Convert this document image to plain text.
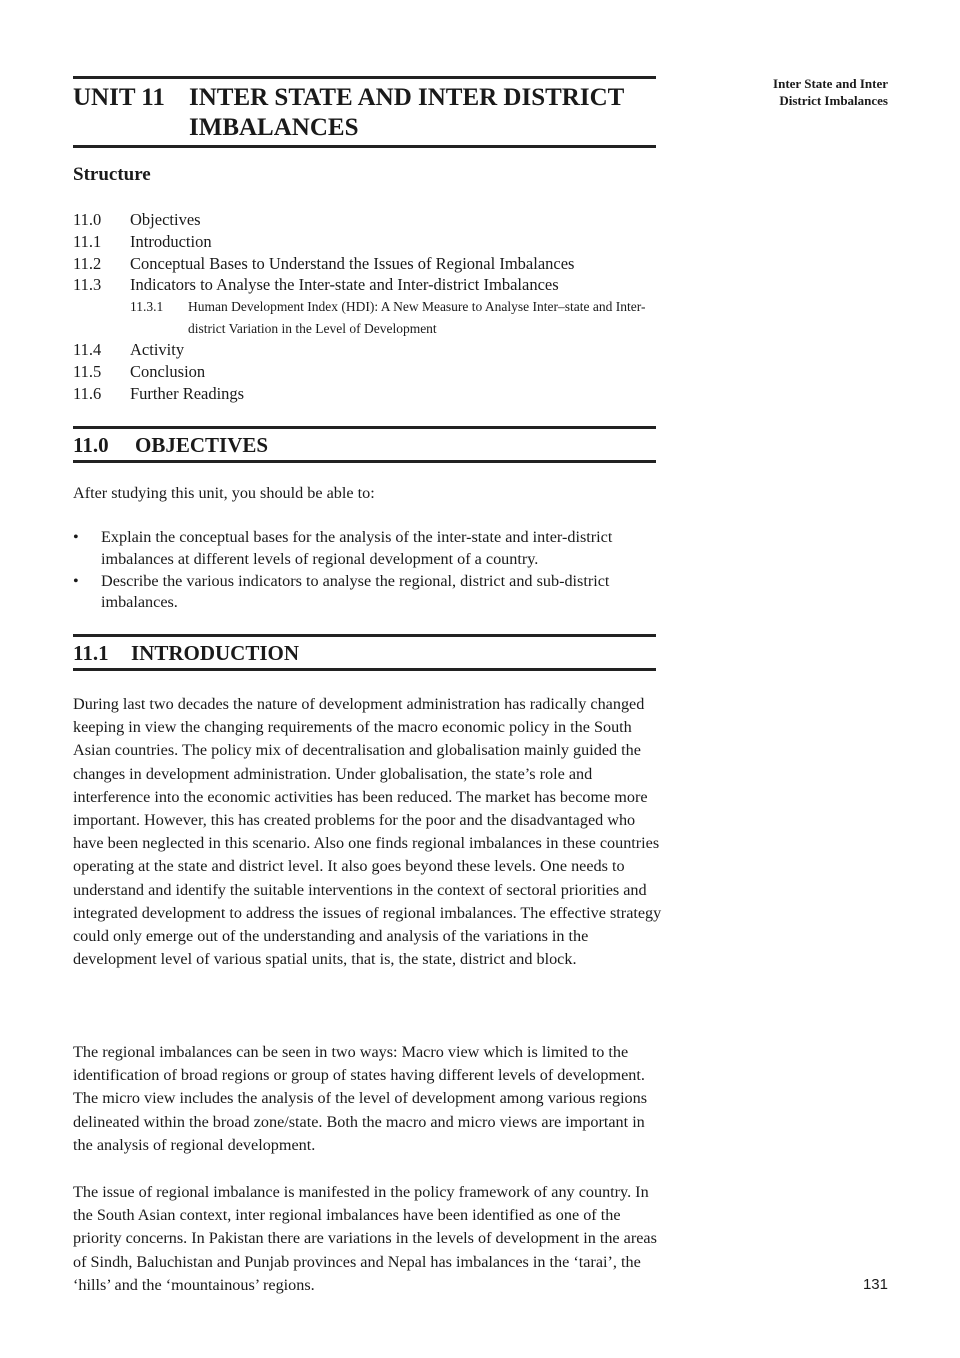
UNIT 11 INTER STATE AND INTER DISTRICT IMBALANCES
Inter State and Inter District Imbalances
Structure
11.0	Objectives
11.1	Introduction
11.2	Conceptual Bases to Understand the Issues of Regional Imbalances
11.3	Indicators to Analyse the Inter-state and Inter-district Imbalances
11.3.1	Human Development Index (HDI): A New Measure to Analyse Inter–state and Inter-district Variation in the Level of Development
11.4	Activity
11.5	Conclusion
11.6	Further Readings
11.0	OBJECTIVES

After studying this unit, you should be able to:

•
Explain the conceptual bases for the analysis of the inter-state and inter-district imbalances at different levels of regional development of a country.
•
Describe the various indicators to analyse the regional, district and sub-district imbalances.
11.1	INTRODUCTION

During last two decades the nature of development administration has radically changed keeping in view the changing requirements of the macro economic policy in the South Asian countries. The policy mix of decentralisation and globalisation mainly guided the changes in development administration. Under globalisation, the state’s role and interference into the economic activities has been reduced. The market has become more important. However, this has created problems for the poor and the disadvantaged who have been neglected in this scenario. Also one finds regional imbalances in these countries operating at the state and district level. It also goes beyond these levels. One needs to understand and identify the suitable interventions in the context of sectoral priorities and integrated development to address the issues of regional imbalances. The effective strategy could only emerge out of the understanding and analysis of the variations in the development level of various spatial units, that is, the state, district and block.

The regional imbalances can be seen in two ways: Macro view which is limited to the identification of broad regions or group of states having different levels of development. The micro view includes the analysis of the level of development among various regions delineated within the broad zone/state. Both the macro and micro views are important in the analysis of regional development.

The issue of regional imbalance is manifested in the policy framework of any country. In the South Asian context, inter regional imbalances have been identified as one of the priority concerns. In Pakistan there are variations in the levels of development in the areas of Sindh, Baluchistan and Punjab provinces and Nepal has imbalances in the ‘tarai’, the ‘hills’ and the ‘mountainous’ regions.	131
